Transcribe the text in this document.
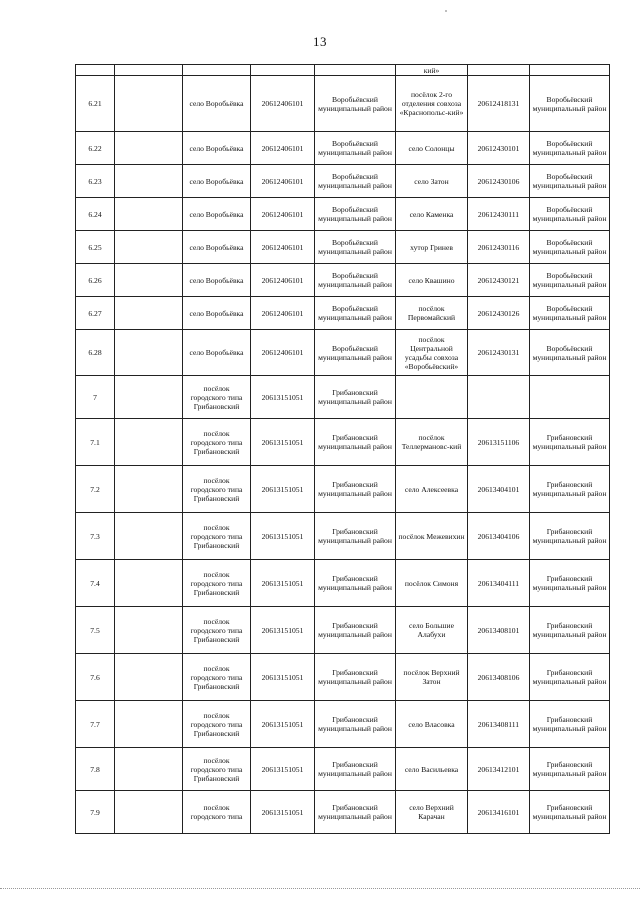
13
					кий»		
6.21		село Воробьёвка	20612406101	Воробьёвский муниципальный район	посёлок 2-го отделения совхоза «Краснопольс-кий»	20612418131	Воробьёвский муниципальный район
6.22		село Воробьёвка	20612406101	Воробьёвский муниципальный район	село Солонцы	20612430101	Воробьёвский муниципальный район
6.23		село Воробьёвка	20612406101	Воробьёвский муниципальный район	село Затон	20612430106	Воробьёвский муниципальный район
6.24		село Воробьёвка	20612406101	Воробьёвский муниципальный район	село Каменка	20612430111	Воробьёвский муниципальный район
6.25		село Воробьёвка	20612406101	Воробьёвский муниципальный район	хутор Гринев	20612430116	Воробьёвский муниципальный район
6.26		село Воробьёвка	20612406101	Воробьёвский муниципальный район	село Квашино	20612430121	Воробьёвский муниципальный район
6.27		село Воробьёвка	20612406101	Воробьёвский муниципальный район	посёлок Первомайский	20612430126	Воробьёвский муниципальный район
6.28		село Воробьёвка	20612406101	Воробьёвский муниципальный район	посёлок Центральной усадьбы совхоза «Воробьёвский»	20612430131	Воробьёвский муниципальный район
7		посёлок городского типа Грибановский	20613151051	Грибановский муниципальный район			
7.1		посёлок городского типа Грибановский	20613151051	Грибановский муниципальный район	посёлок Теллермановс-кий	20613151106	Грибановский муниципальный район
7.2		посёлок городского типа Грибановский	20613151051	Грибановский муниципальный район	село Алексеевка	20613404101	Грибановский муниципальный район
7.3		посёлок городского типа Грибановский	20613151051	Грибановский муниципальный район	посёлок Межевихин	20613404106	Грибановский муниципальный район
7.4		посёлок городского типа Грибановский	20613151051	Грибановский муниципальный район	посёлок Симоня	20613404111	Грибановский муниципальный район
7.5		посёлок городского типа Грибановский	20613151051	Грибановский муниципальный район	село Большие Алабухи	20613408101	Грибановский муниципальный район
7.6		посёлок городского типа Грибановский	20613151051	Грибановский муниципальный район	посёлок Верхний Затон	20613408106	Грибановский муниципальный район
7.7		посёлок городского типа Грибановский	20613151051	Грибановский муниципальный район	село Власовка	20613408111	Грибановский муниципальный район
7.8		посёлок городского типа Грибановский	20613151051	Грибановский муниципальный район	село Васильевка	20613412101	Грибановский муниципальный район
7.9		посёлок городского типа	20613151051	Грибановский муниципальный район	село Верхний Карачан	20613416101	Грибановский муниципальный район
